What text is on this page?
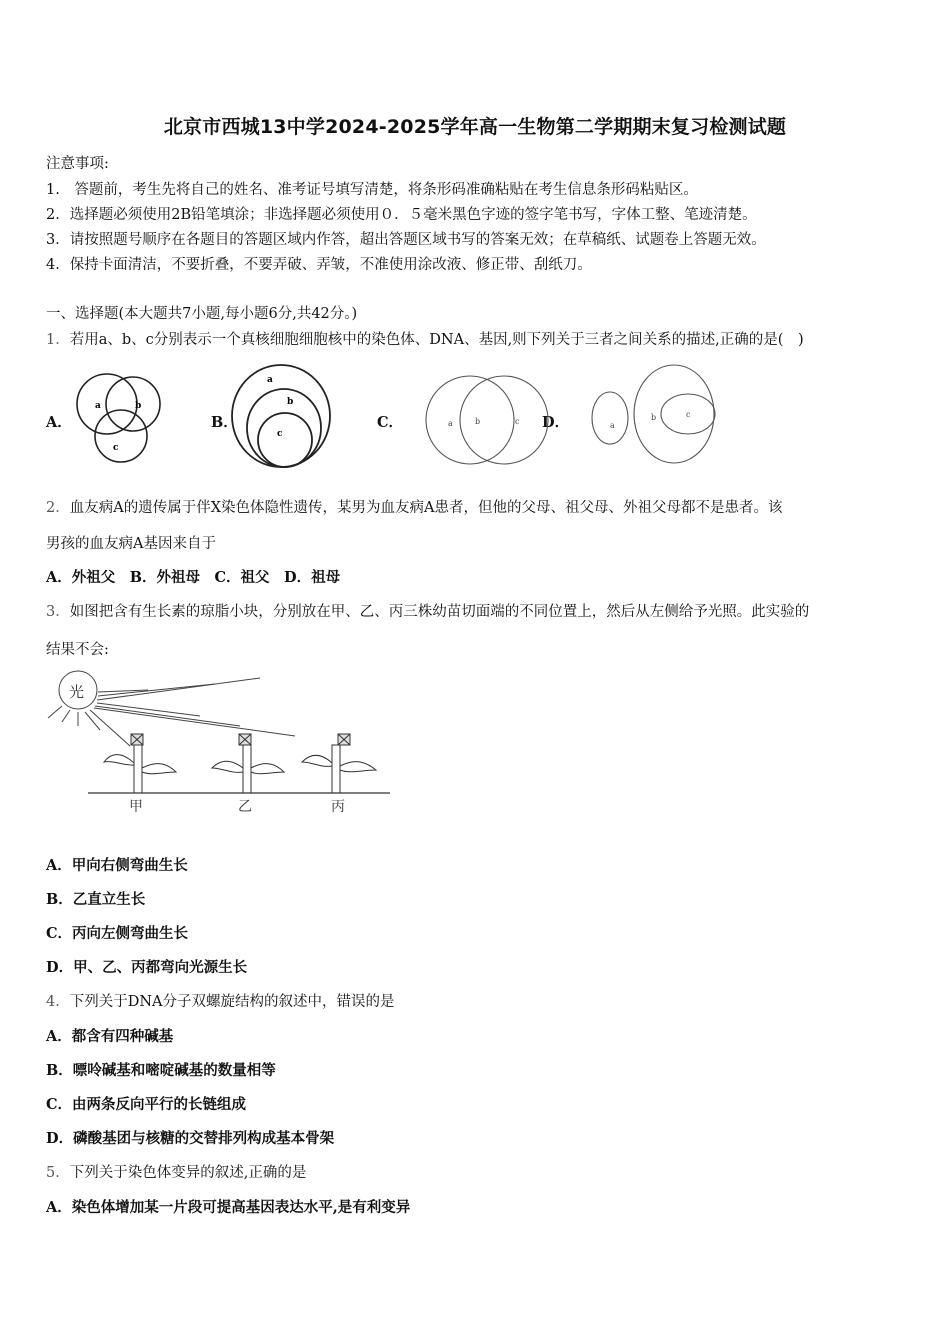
北京市西城13中学2024-2025学年高一生物第二学期期末复习检测试题
注意事项:
1.　答题前，考生先将自己的姓名、准考证号填写清楚，将条形码准确粘贴在考生信息条形码粘贴区。
2．选择题必须使用2B铅笔填涂；非选择题必须使用０．５毫米黑色字迹的签字笔书写，字体工整、笔迹清楚。
3．请按照题号顺序在各题目的答题区域内作答，超出答题区域书写的答案无效；在草稿纸、试题卷上答题无效。
4．保持卡面清洁，不要折叠，不要弄破、弄皱，不准使用涂改液、修正带、刮纸刀。
一、选择题(本大题共7小题,每小题6分,共42分。)
1．若用a、b、c分别表示一个真核细胞细胞核中的染色体、DNA、基因,则下列关于三者之间关系的描述,正确的是(　)
A．	B．	C．	D．
a	b
c
a
b
c
a	b	c	a
b	c
2．血友病A的遗传属于伴X染色体隐性遗传，某男为血友病A患者，但他的父母、祖父母、外祖父母都不是患者。该
男孩的血友病A基因来自于
A．外祖父　B．外祖母　C．祖父　D．祖母
3．如图把含有生长素的琼脂小块，分别放在甲、乙、丙三株幼苗切面端的不同位置上，然后从左侧给予光照。此实验的
结果不会:
光
甲	乙	丙
A．甲向右侧弯曲生长
B．乙直立生长
C．丙向左侧弯曲生长
D．甲、乙、丙都弯向光源生长
4．下列关于DNA分子双螺旋结构的叙述中，错误的是
A．都含有四种碱基
B．嘌呤碱基和嘧啶碱基的数量相等
C．由两条反向平行的长链组成
D．磷酸基团与核糖的交替排列构成基本骨架
5．下列关于染色体变异的叙述,正确的是
A．染色体增加某一片段可提高基因表达水平,是有利变异
